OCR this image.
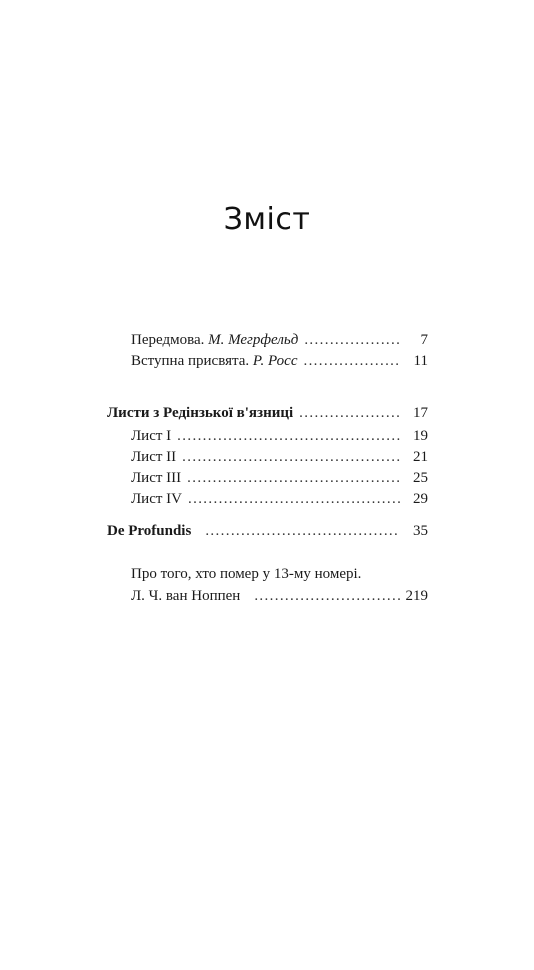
Зміст
Передмова. М. Мегрфельд . . .	7
Вступна присвята. Р. Росс . . .	11
Листи з Редінзької в'язниці . . .	17
Лист I . . .	19
Лист II . . .	21
Лист III . . .	25
Лист IV . . .	29
De Profundis . . .	35
Про того, хто помер у 13-му номері.
Л. Ч. ван Ноппен . . .	219
